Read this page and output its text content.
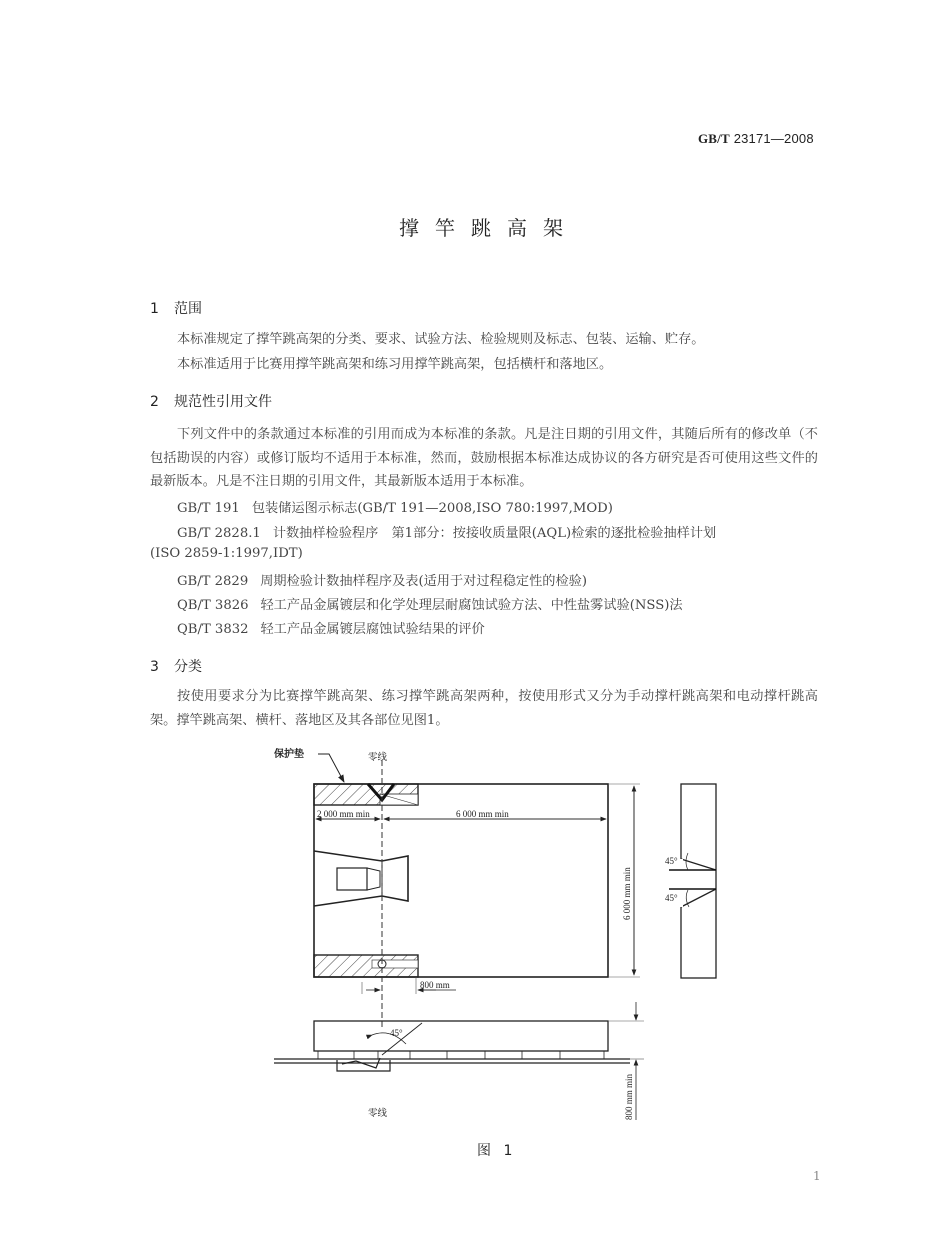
GB/T 23171—2008
撑竿跳高架
1 范围
本标准规定了撑竿跳高架的分类、要求、试验方法、检验规则及标志、包装、运输、贮存。
本标准适用于比赛用撑竿跳高架和练习用撑竿跳高架，包括横杆和落地区。
2 规范性引用文件
下列文件中的条款通过本标准的引用而成为本标准的条款。凡是注日期的引用文件，其随后所有的修改单（不包括勘误的内容）或修订版均不适用于本标准，然而，鼓励根据本标准达成协议的各方研究是否可使用这些文件的最新版本。凡是不注日期的引用文件，其最新版本适用于本标准。
GB/T 191 包装储运图示标志(GB/T 191—2008,ISO 780:1997,MOD)
GB/T 2828.1 计数抽样检验程序　第1部分：按接收质量限(AQL)检索的逐批检验抽样计划
(ISO 2859-1:1997,IDT)
GB/T 2829 周期检验计数抽样程序及表(适用于对过程稳定性的检验)
QB/T 3826 轻工产品金属镀层和化学处理层耐腐蚀试验方法、中性盐雾试验(NSS)法
QB/T 3832 轻工产品金属镀层腐蚀试验结果的评价
3 分类
按使用要求分为比赛撑竿跳高架、练习撑竿跳高架两种，按使用形式又分为手动撑杆跳高架和电动撑杆跳高架。撑竿跳高架、横杆、落地区及其各部位见图1。
保护垫	零线
2 000 mm min	6 000 mm min
6 000 mm min
800 mm
45°
45°
45°
零线	800 mm min
图 1
1
